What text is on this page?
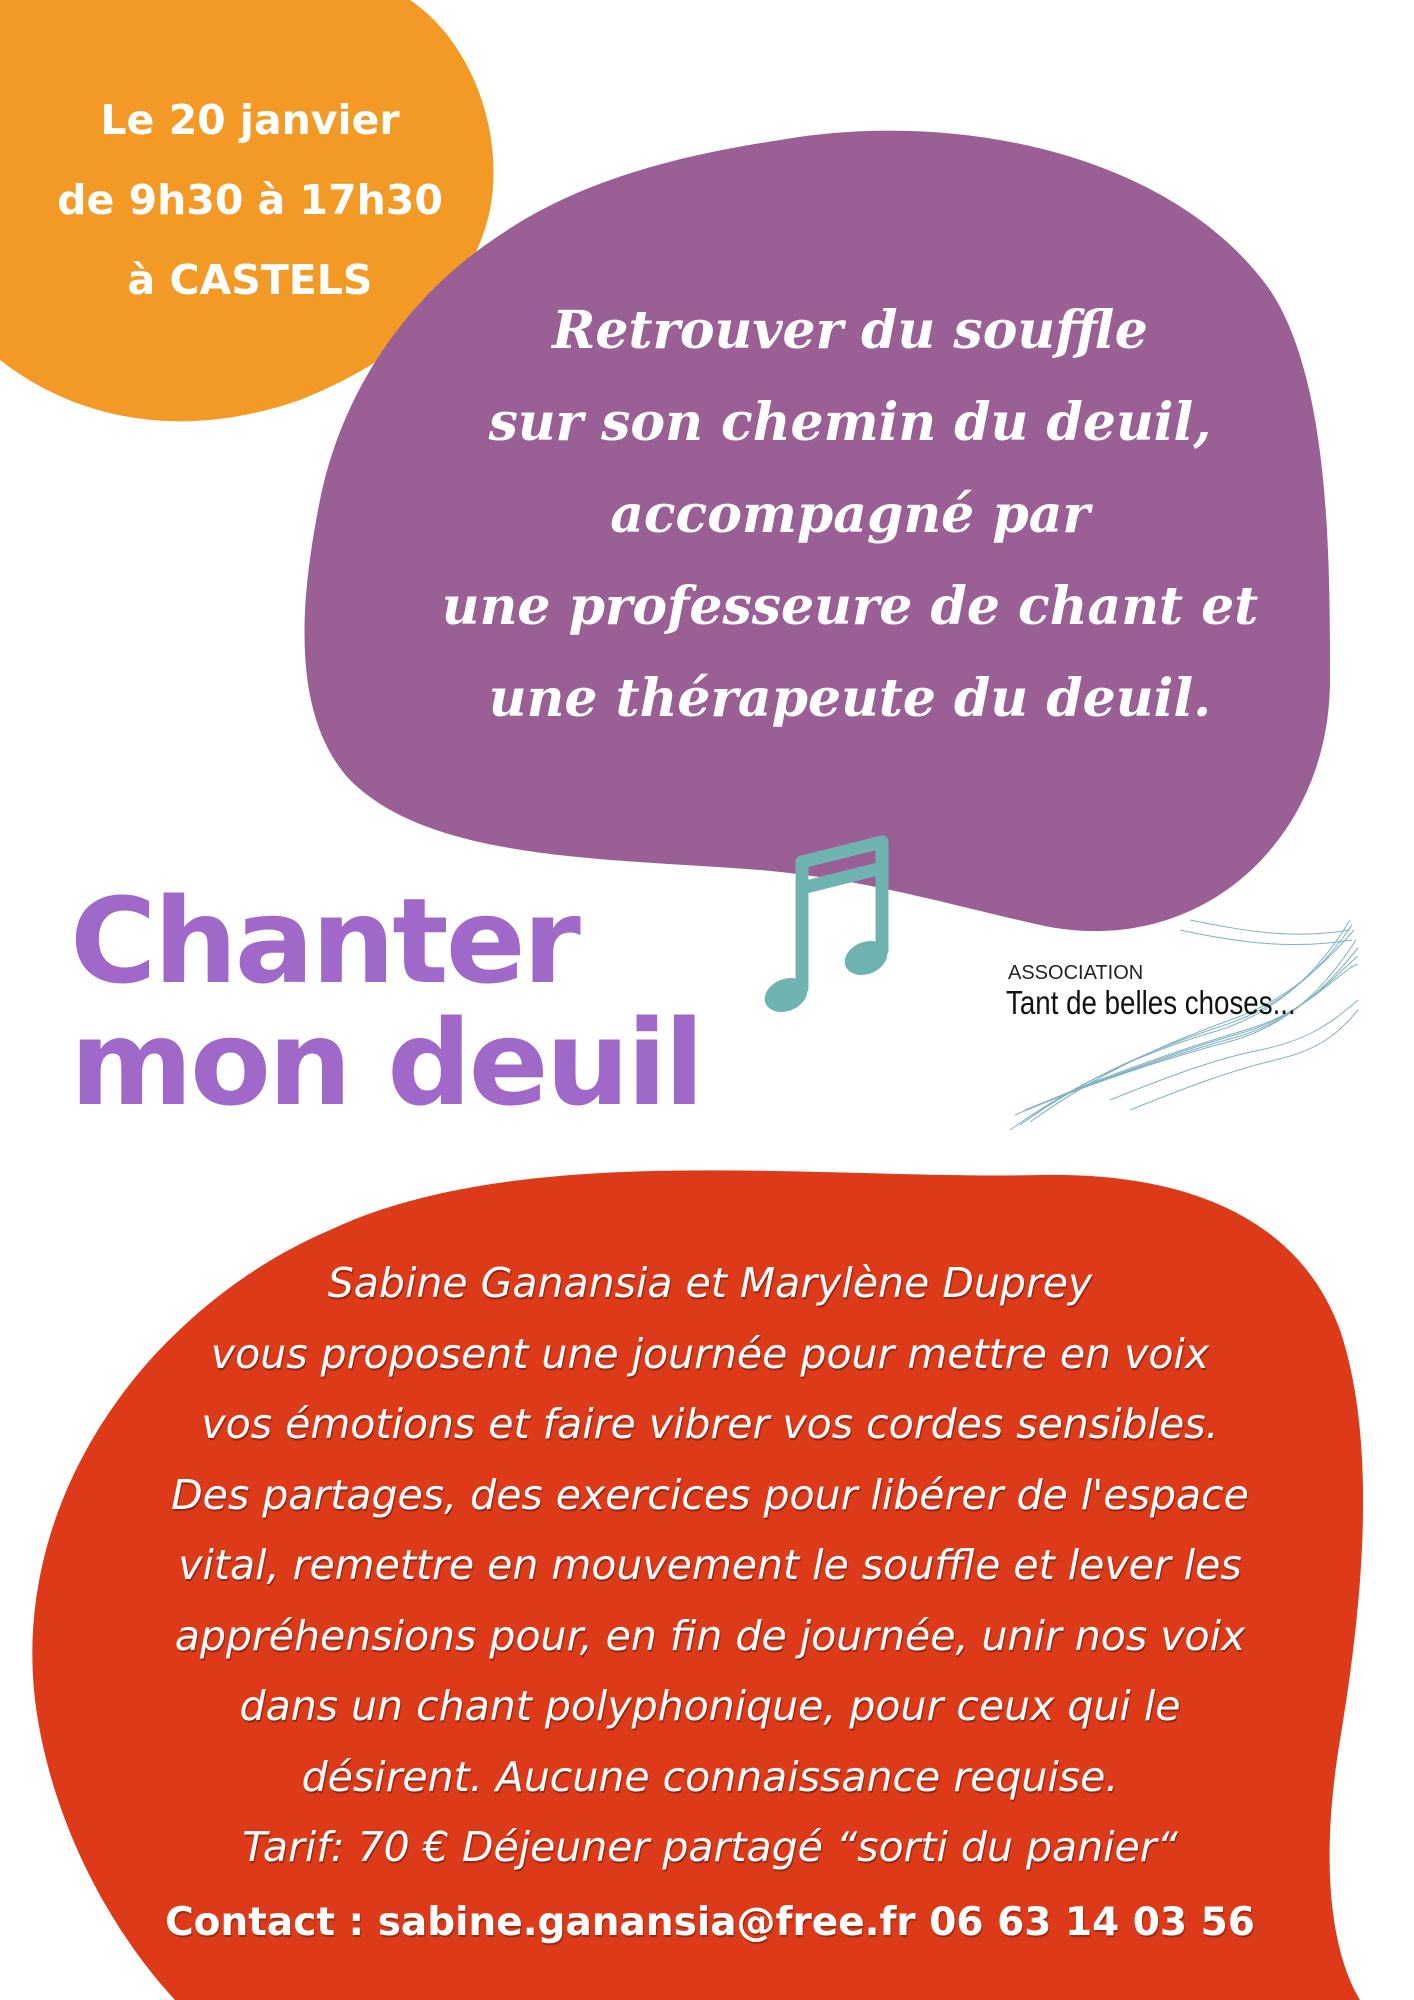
Le 20 janvier
de 9h30 à 17h30
à CASTELS
Retrouver du souffle
sur son chemin du deuil,
accompagné par
une professeure de chant et
une thérapeute du deuil.
Chanter
mon deuil
ASSOCIATION
Tant de belles choses...
Sabine Ganansia et Marylène Duprey
vous proposent une journée pour mettre en voix
vos émotions et faire vibrer vos cordes sensibles.
Des partages, des exercices pour libérer de l'espace
vital, remettre en mouvement le souffle et lever les
appréhensions pour, en fin de journée, unir nos voix
dans un chant polyphonique, pour ceux qui le
désirent. Aucune connaissance requise.
Tarif: 70 € Déjeuner partagé “sorti du panier“
Contact : sabine.ganansia@free.fr 06 63 14 03 56
